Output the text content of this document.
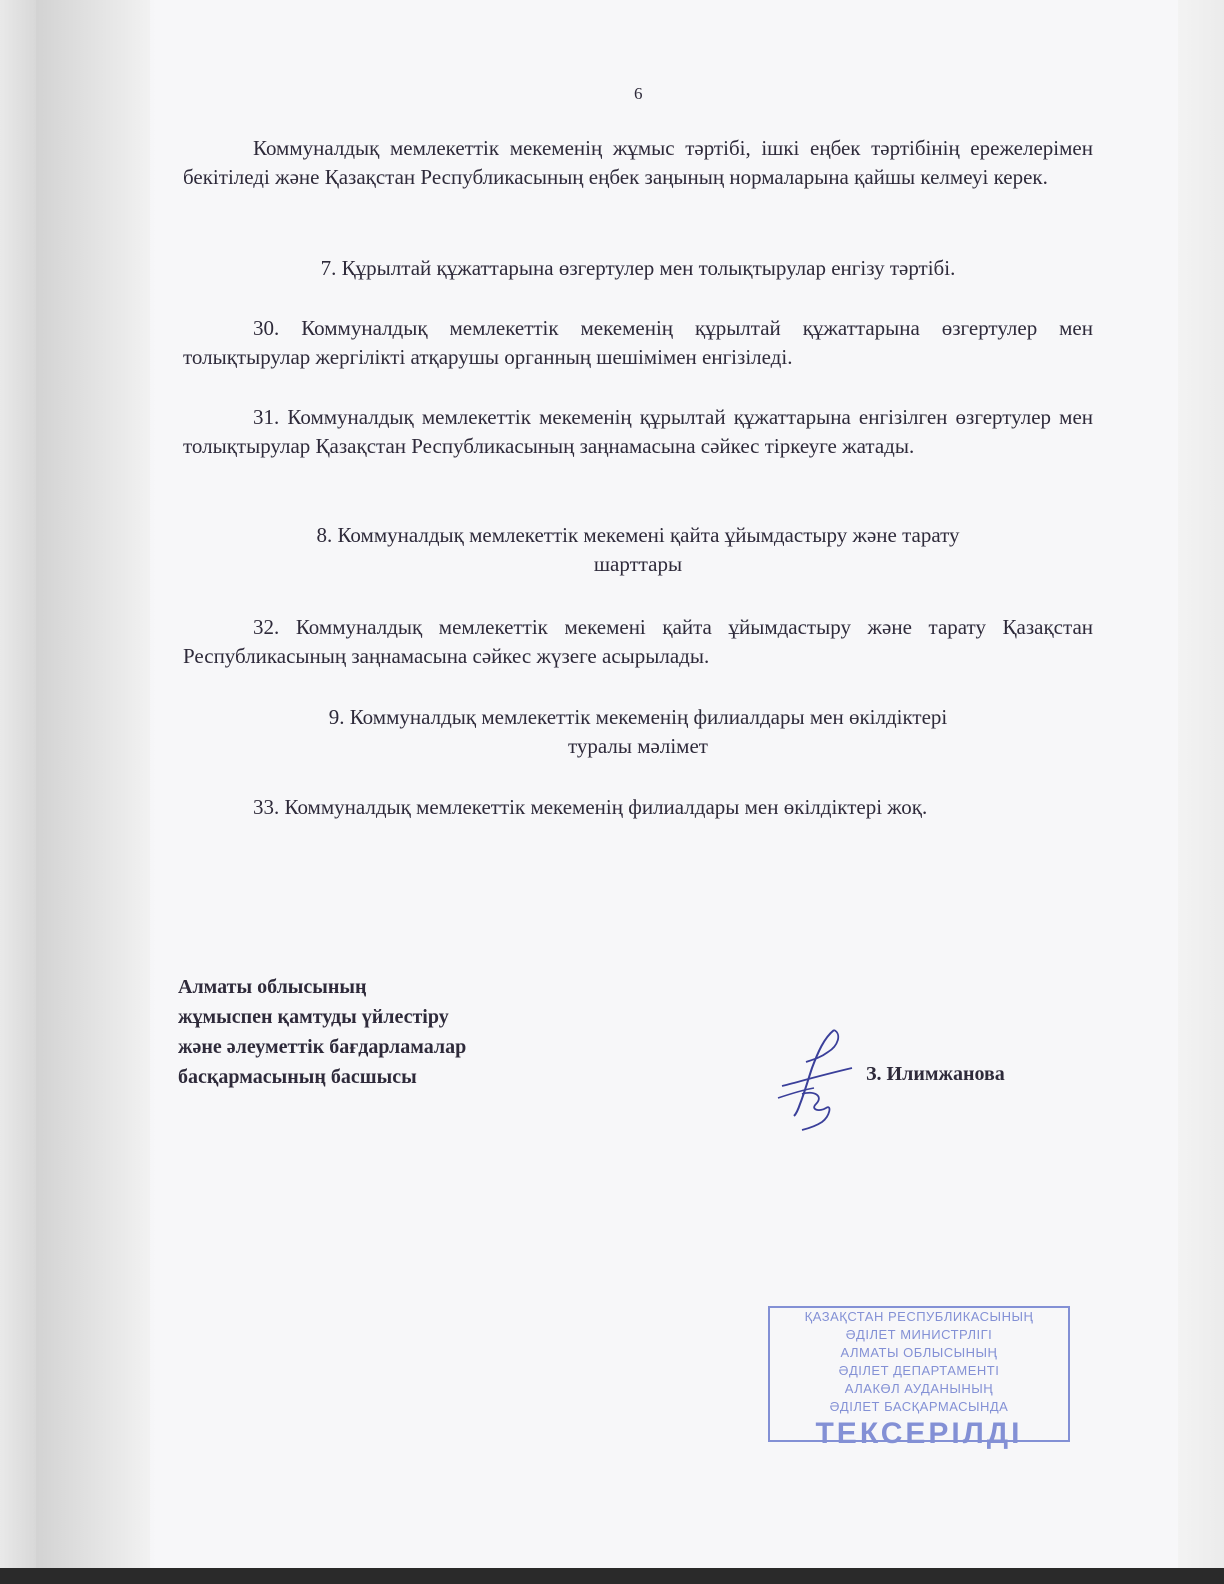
6
Коммуналдық мемлекеттік мекеменің жұмыс тәртібі, ішкі еңбек тәртібінің ережелерімен бекітіледі және Қазақстан Республикасының еңбек заңының нормаларына қайшы келмеуі керек.
7. Құрылтай құжаттарына өзгертулер мен толықтырулар енгізу тәртібі.
30. Коммуналдық мемлекеттік мекеменің құрылтай құжаттарына өзгертулер мен толықтырулар жергілікті атқарушы органның шешімімен енгізіледі.
31. Коммуналдық мемлекеттік мекеменің құрылтай құжаттарына енгізілген өзгертулер мен толықтырулар Қазақстан Республикасының заңнамасына сәйкес тіркеуге жатады.
8. Коммуналдық мемлекеттік мекемені қайта ұйымдастыру және тарату
шарттары
32. Коммуналдық мемлекеттік мекемені қайта ұйымдастыру және тарату Қазақстан Республикасының заңнамасына сәйкес жүзеге асырылады.
9. Коммуналдық мемлекеттік мекеменің филиалдары мен өкілдіктері
туралы мәлімет
33. Коммуналдық мемлекеттік мекеменің филиалдары мен өкілдіктері жоқ.
Алматы облысының
жұмыспен қамтуды үйлестіру
және әлеуметтік бағдарламалар
басқармасының басшысы	З. Илимжанова
ҚАЗАҚСТАН РЕСПУБЛИКАСЫНЫҢ
ӘДІЛЕТ МИНИСТРЛІГІ
АЛМАТЫ ОБЛЫСЫНЫҢ
ӘДІЛЕТ ДЕПАРТАМЕНТІ
АЛАКӨЛ АУДАНЫНЫҢ
ӘДІЛЕТ БАСҚАРМАСЫНДА
ТЕКСЕРІЛДІ
